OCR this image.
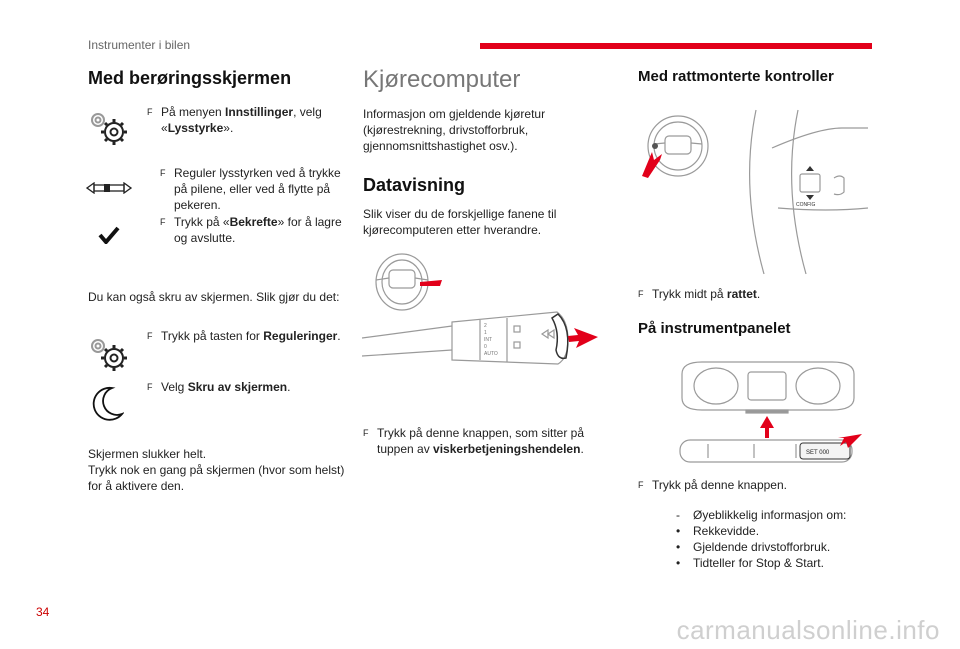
Instrumenter i bilen
Med berøringsskjermen
F På menyen Innstillinger, velg «Lysstyrke».
F Reguler lysstyrken ved å trykke på pilene, eller ved å flytte på pekeren.
F Trykk på «Bekrefte» for å lagre og avslutte.
Du kan også skru av skjermen. Slik gjør du det:
F Trykk på tasten for Reguleringer.
F Velg Skru av skjermen.
Skjermen slukker helt.
Trykk nok en gang på skjermen (hvor som helst) for å aktivere den.
Kjørecomputer
Informasjon om gjeldende kjøretur (kjørestrekning, drivstofforbruk, gjennomsnittshastighet osv.).
Datavisning
Slik viser du de forskjellige fanene til kjørecomputeren etter hverandre.
2
1
INT
0
AUTO
F Trykk på denne knappen, som sitter på tuppen av viskerbetjeningshendelen.
Med rattmonterte kontroller
CONFIG
F Trykk midt på rattet.
På instrumentpanelet
SET 000
F Trykk på denne knappen.
- Øyeblikkelig informasjon om:
• Rekkevidde.
• Gjeldende drivstofforbruk.
• Tidteller for Stop & Start.
34
carmanualsonline.info
